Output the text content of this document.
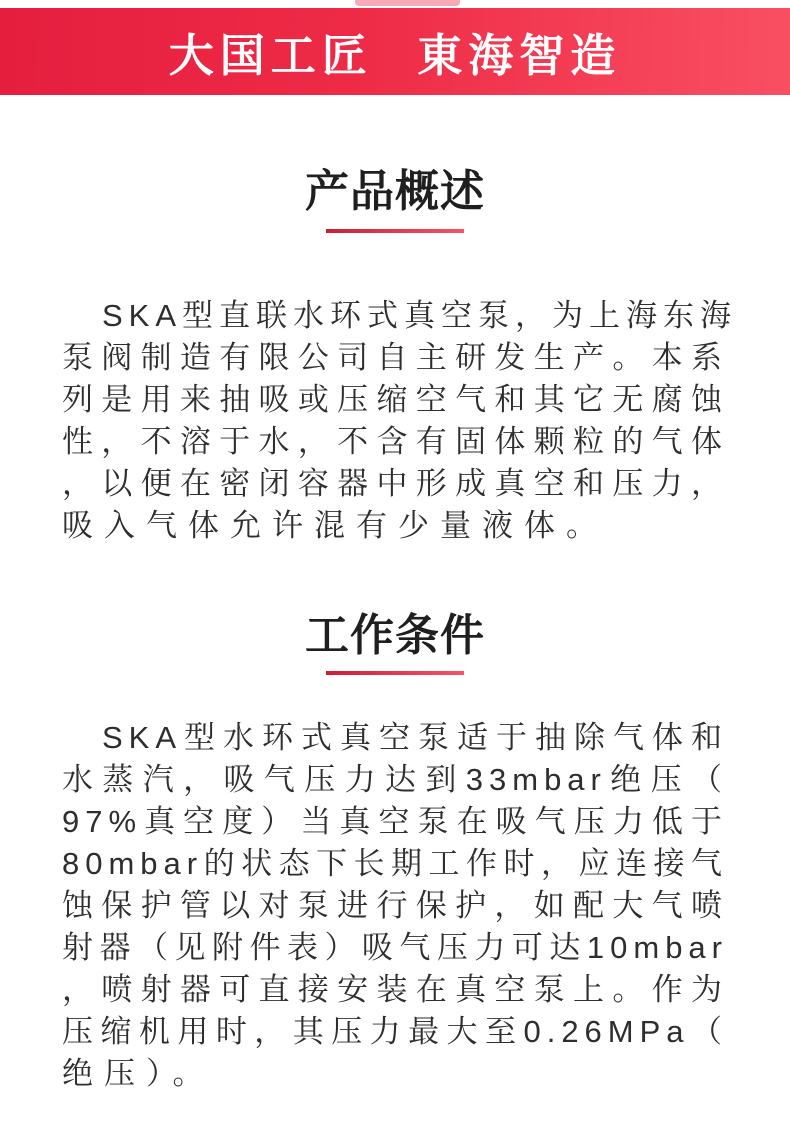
大国工匠 東海智造
产品概述
SKA型直联水环式真空泵，为上海东海
泵阀制造有限公司自主研发生产。本系
列是用来抽吸或压缩空气和其它无腐蚀
性，不溶于水，不含有固体颗粒的气体
，以便在密闭容器中形成真空和压力，
吸入气体允许混有少量液体。
工作条件
SKA型水环式真空泵适于抽除气体和
水蒸汽，吸气压力达到33mbar绝压（
97%真空度）当真空泵在吸气压力低于
80mbar的状态下长期工作时，应连接气
蚀保护管以对泵进行保护，如配大气喷
射器（见附件表）吸气压力可达10mbar
，喷射器可直接安装在真空泵上。作为
压缩机用时，其压力最大至0.26MPa（
绝压）。
